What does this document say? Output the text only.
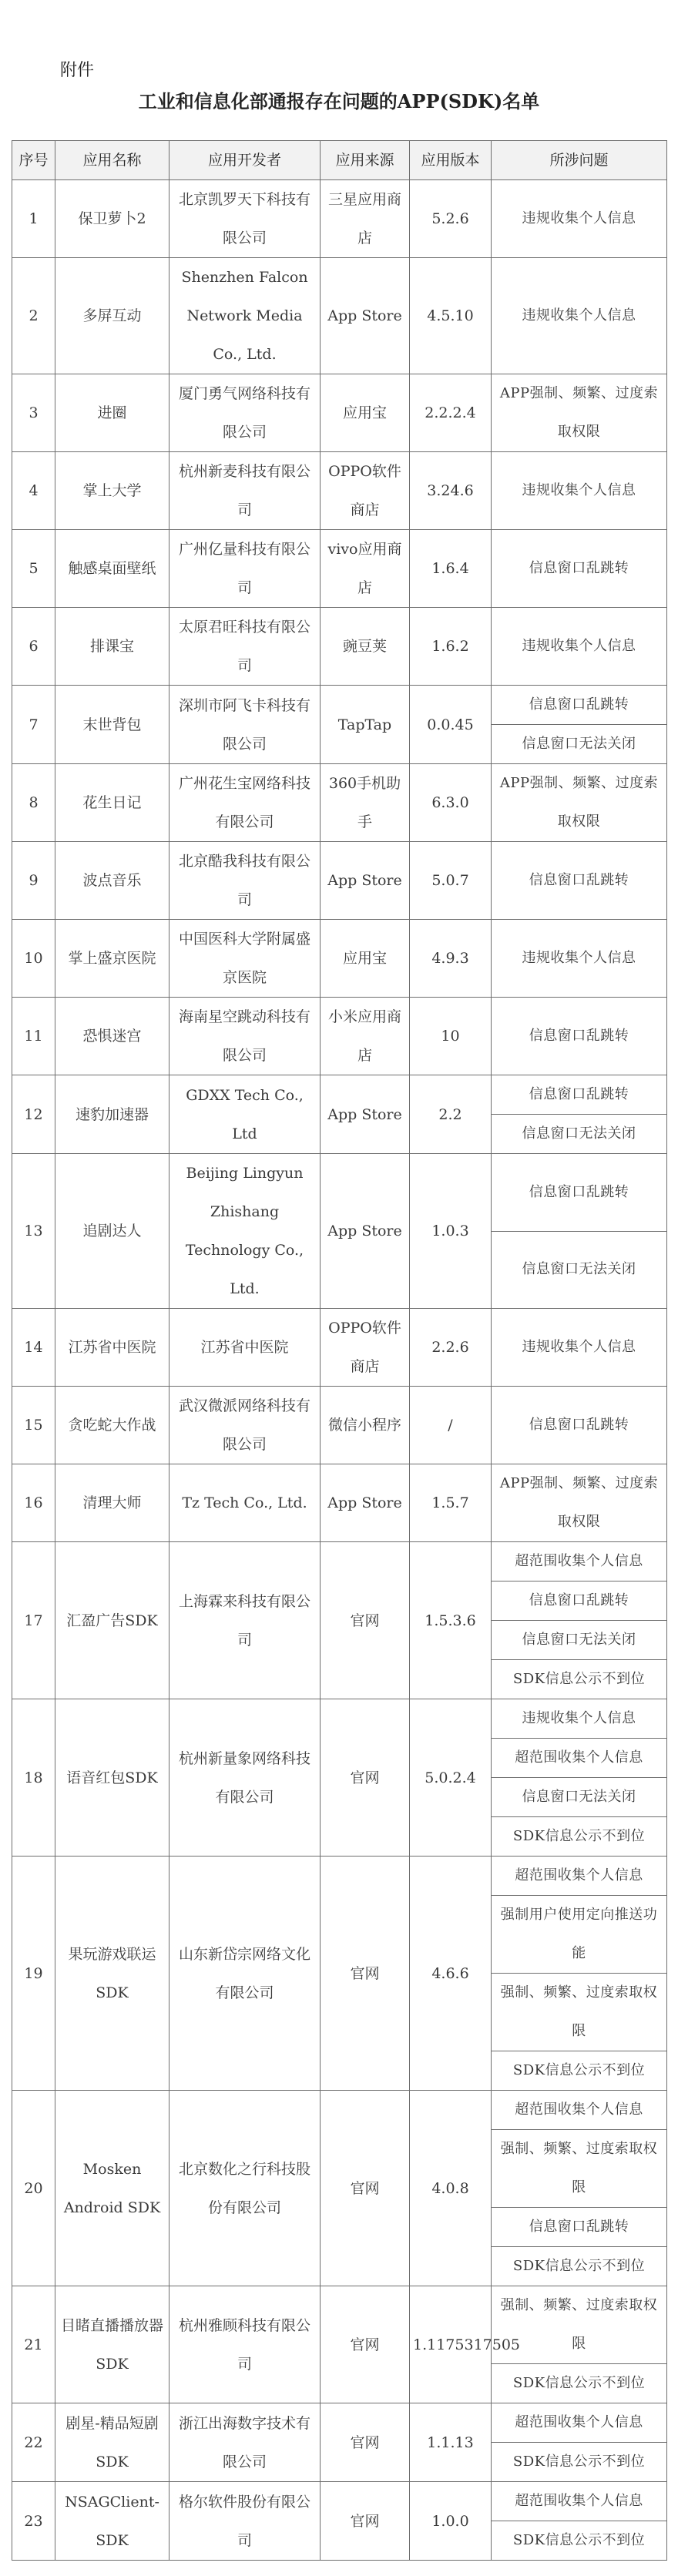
附件
工业和信息化部通报存在问题的APP(SDK)名单
序号	应用名称	应用开发者	应用来源	应用版本	所涉问题
1	保卫萝卜2	北京凯罗天下科技有限公司	三星应用商店	5.2.6	违规收集个人信息
2	多屏互动	Shenzhen Falcon Network Media Co., Ltd.	App Store	4.5.10	违规收集个人信息
3	进圈	厦门勇气网络科技有限公司	应用宝	2.2.2.4	APP强制、频繁、过度索取权限
4	掌上大学	杭州新麦科技有限公司	OPPO软件商店	3.24.6	违规收集个人信息
5	触感桌面壁纸	广州亿量科技有限公司	vivo应用商店	1.6.4	信息窗口乱跳转
6	排课宝	太原君旺科技有限公司	豌豆荚	1.6.2	违规收集个人信息
7	末世背包	深圳市阿飞卡科技有限公司	TapTap	0.0.45	信息窗口乱跳转
					信息窗口无法关闭
8	花生日记	广州花生宝网络科技有限公司	360手机助手	6.3.0	APP强制、频繁、过度索取权限
9	波点音乐	北京酷我科技有限公司	App Store	5.0.7	信息窗口乱跳转
10	掌上盛京医院	中国医科大学附属盛京医院	应用宝	4.9.3	违规收集个人信息
11	恐惧迷宫	海南星空跳动科技有限公司	小米应用商店	10	信息窗口乱跳转
12	速豹加速器	GDXX Tech Co., Ltd	App Store	2.2	信息窗口乱跳转
					信息窗口无法关闭
13	追剧达人	Beijing Lingyun Zhishang Technology Co., Ltd.	App Store	1.0.3	信息窗口乱跳转
					信息窗口无法关闭
14	江苏省中医院	江苏省中医院	OPPO软件商店	2.2.6	违规收集个人信息
15	贪吃蛇大作战	武汉微派网络科技有限公司	微信小程序	/	信息窗口乱跳转
16	清理大师	Tz Tech Co., Ltd.	App Store	1.5.7	APP强制、频繁、过度索取权限
17	汇盈广告SDK	上海霖来科技有限公司	官网	1.5.3.6	超范围收集个人信息
					信息窗口乱跳转
					信息窗口无法关闭
					SDK信息公示不到位
18	语音红包SDK	杭州新量象网络科技有限公司	官网	5.0.2.4	违规收集个人信息
					超范围收集个人信息
					信息窗口无法关闭
					SDK信息公示不到位
19	果玩游戏联运SDK	山东新岱宗网络文化有限公司	官网	4.6.6	超范围收集个人信息
					强制用户使用定向推送功能
					强制、频繁、过度索取权限
					SDK信息公示不到位
20	Mosken Android SDK	北京数化之行科技股份有限公司	官网	4.0.8	超范围收集个人信息
					强制、频繁、过度索取权限
					信息窗口乱跳转
					SDK信息公示不到位
21	目睹直播播放器SDK	杭州雅顾科技有限公司	官网	1.1175317505	强制、频繁、过度索取权限
					SDK信息公示不到位
22	剧星-精品短剧SDK	浙江出海数字技术有限公司	官网	1.1.13	超范围收集个人信息
					SDK信息公示不到位
23	NSAGClient-SDK	格尔软件股份有限公司	官网	1.0.0	超范围收集个人信息
					SDK信息公示不到位
